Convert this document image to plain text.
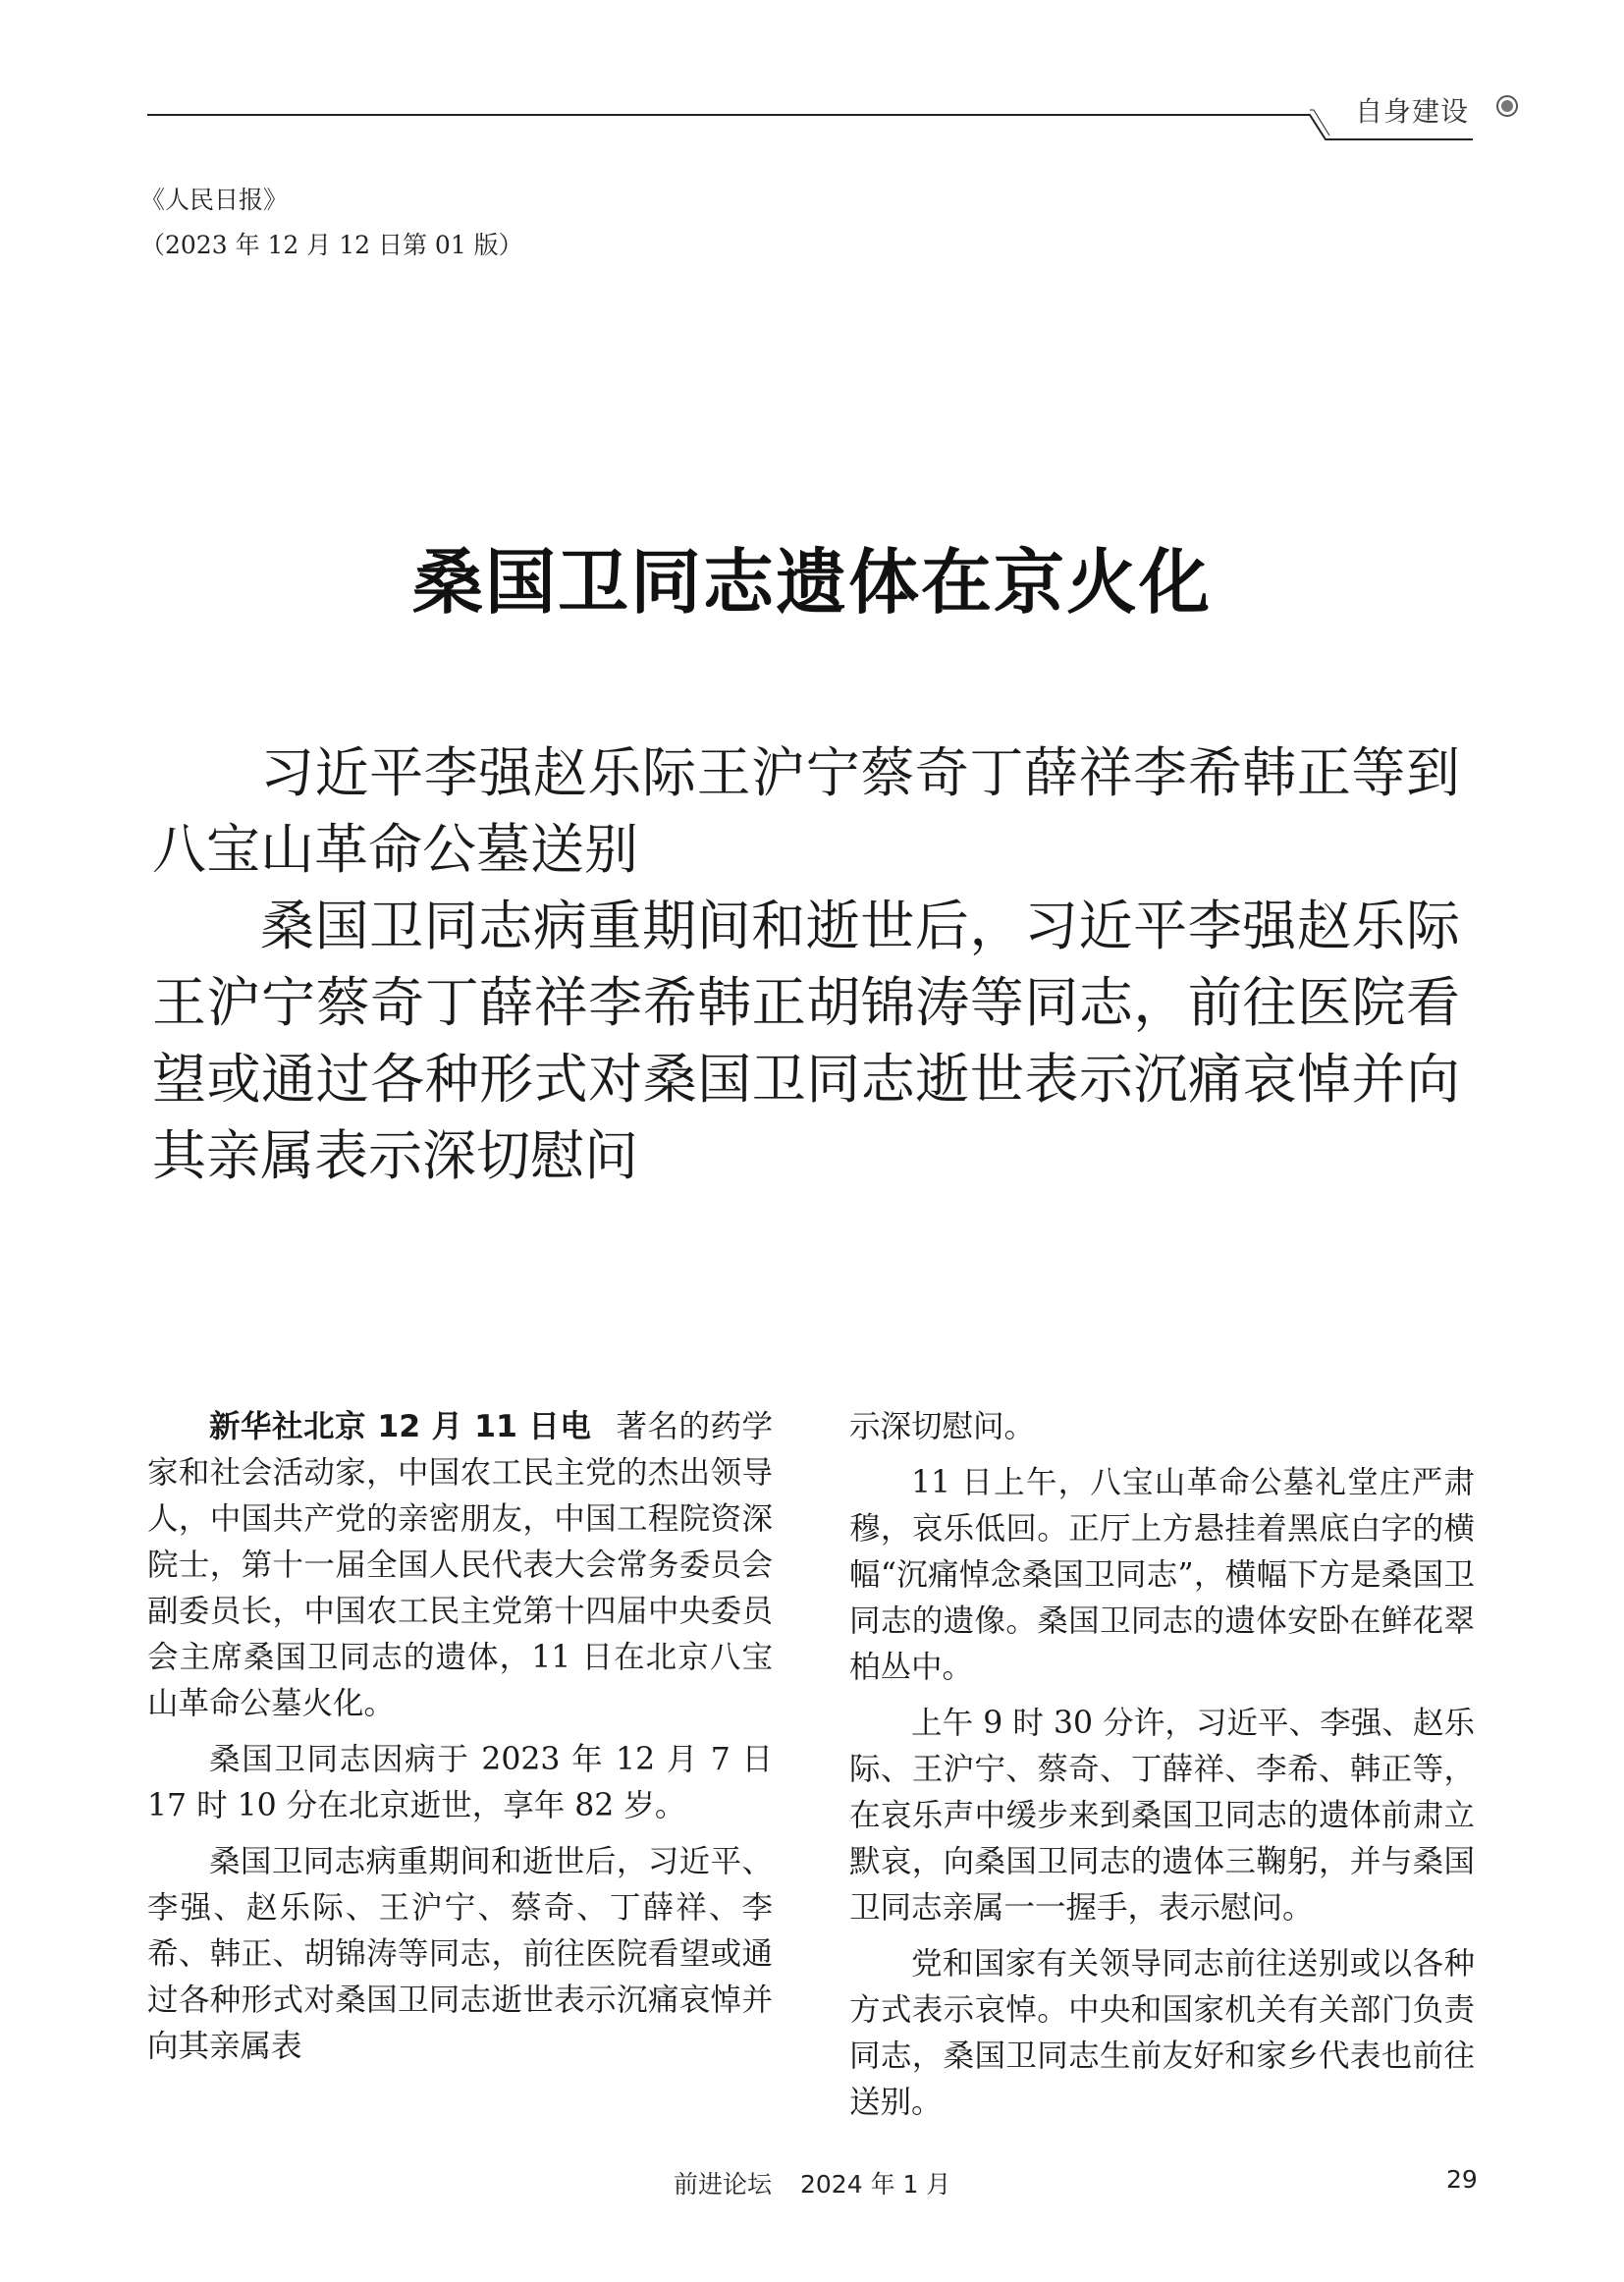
自身建设
《人民日报》
（2023 年 12 月 12 日第 01 版）
桑国卫同志遗体在京火化
习近平李强赵乐际王沪宁蔡奇丁薛祥李希韩正等到八宝山革命公墓送别
桑国卫同志病重期间和逝世后，习近平李强赵乐际王沪宁蔡奇丁薛祥李希韩正胡锦涛等同志，前往医院看望或通过各种形式对桑国卫同志逝世表示沉痛哀悼并向其亲属表示深切慰问

新华社北京 12 月 11 日电 著名的药学家和社会活动家，中国农工民主党的杰出领导人，中国共产党的亲密朋友，中国工程院资深院士，第十一届全国人民代表大会常务委员会副委员长，中国农工民主党第十四届中央委员会主席桑国卫同志的遗体，11 日在北京八宝山革命公墓火化。

桑国卫同志因病于 2023 年 12 月 7 日 17 时 10 分在北京逝世，享年 82 岁。

桑国卫同志病重期间和逝世后，习近平、李强、赵乐际、王沪宁、蔡奇、丁薛祥、李希、韩正、胡锦涛等同志，前往医院看望或通过各种形式对桑国卫同志逝世表示沉痛哀悼并向其亲属表

示深切慰问。

11 日上午，八宝山革命公墓礼堂庄严肃穆，哀乐低回。正厅上方悬挂着黑底白字的横幅“沉痛悼念桑国卫同志”，横幅下方是桑国卫同志的遗像。桑国卫同志的遗体安卧在鲜花翠柏丛中。

上午 9 时 30 分许，习近平、李强、赵乐际、王沪宁、蔡奇、丁薛祥、李希、韩正等，在哀乐声中缓步来到桑国卫同志的遗体前肃立默哀，向桑国卫同志的遗体三鞠躬，并与桑国卫同志亲属一一握手，表示慰问。

党和国家有关领导同志前往送别或以各种方式表示哀悼。中央和国家机关有关部门负责同志，桑国卫同志生前友好和家乡代表也前往送别。

前进论坛 2024 年 1 月	29
